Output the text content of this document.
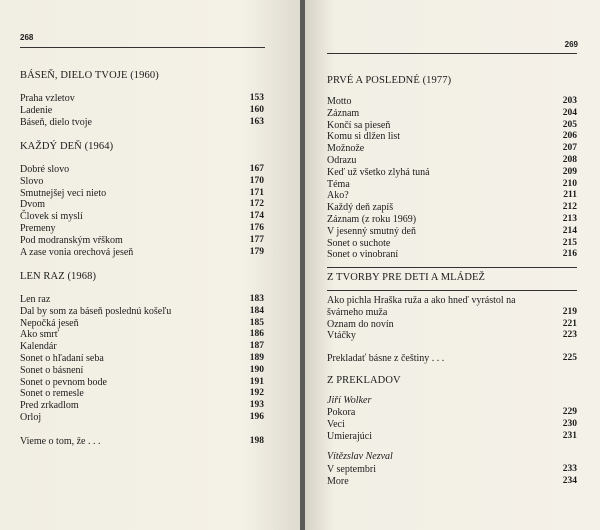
268
BÁSEŇ, DIELO TVOJE (1960)
Praha vzletov	153
Ladenie	160
Báseň, dielo tvoje	163
KAŽDÝ DEŇ (1964)
Dobré slovo	167
Slovo	170
Smutnejšej veci nieto	171
Dvom	172
Človek si myslí	174
Premeny	176
Pod modranským vŕškom	177
A zase vonia orechová jeseň	179
LEN RAZ (1968)
Len raz	183
Dal by som za báseň poslednú košeľu	184
Nepočká jeseň	185
Ako smrť	186
Kalendár	187
Sonet o hľadaní seba	189
Sonet o básnení	190
Sonet o pevnom bode	191
Sonet o remesle	192
Pred zrkadlom	193
Orloj	196
Vieme o tom, že . . .	198
269
PRVÉ A POSLEDNÉ (1977)
Motto	203
Záznam	204
Končí sa pieseň	205
Komu si dlžen list	206
Možnože	207
Odrazu	208
Keď už všetko zlyhá tuná	209
Téma	210
Ako?	211
Každý deň zapíš	212
Záznam (z roku 1969)	213
V jesenný smutný deň	214
Sonet o suchote	215
Sonet o vinobraní	216
Z TVORBY PRE DETI A MLÁDEŽ
Ako pichla Hraška ruža a ako hneď vyrástol na švárneho muža	219
Oznam do novín	221
Vtáčky	223
Prekladať básne z češtiny . . .	225
Z PREKLADOV
Jiří Wolker
Pokora	229
Veci	230
Umierajúci	231
Vítězslav Nezval
V septembri	233
More	234
